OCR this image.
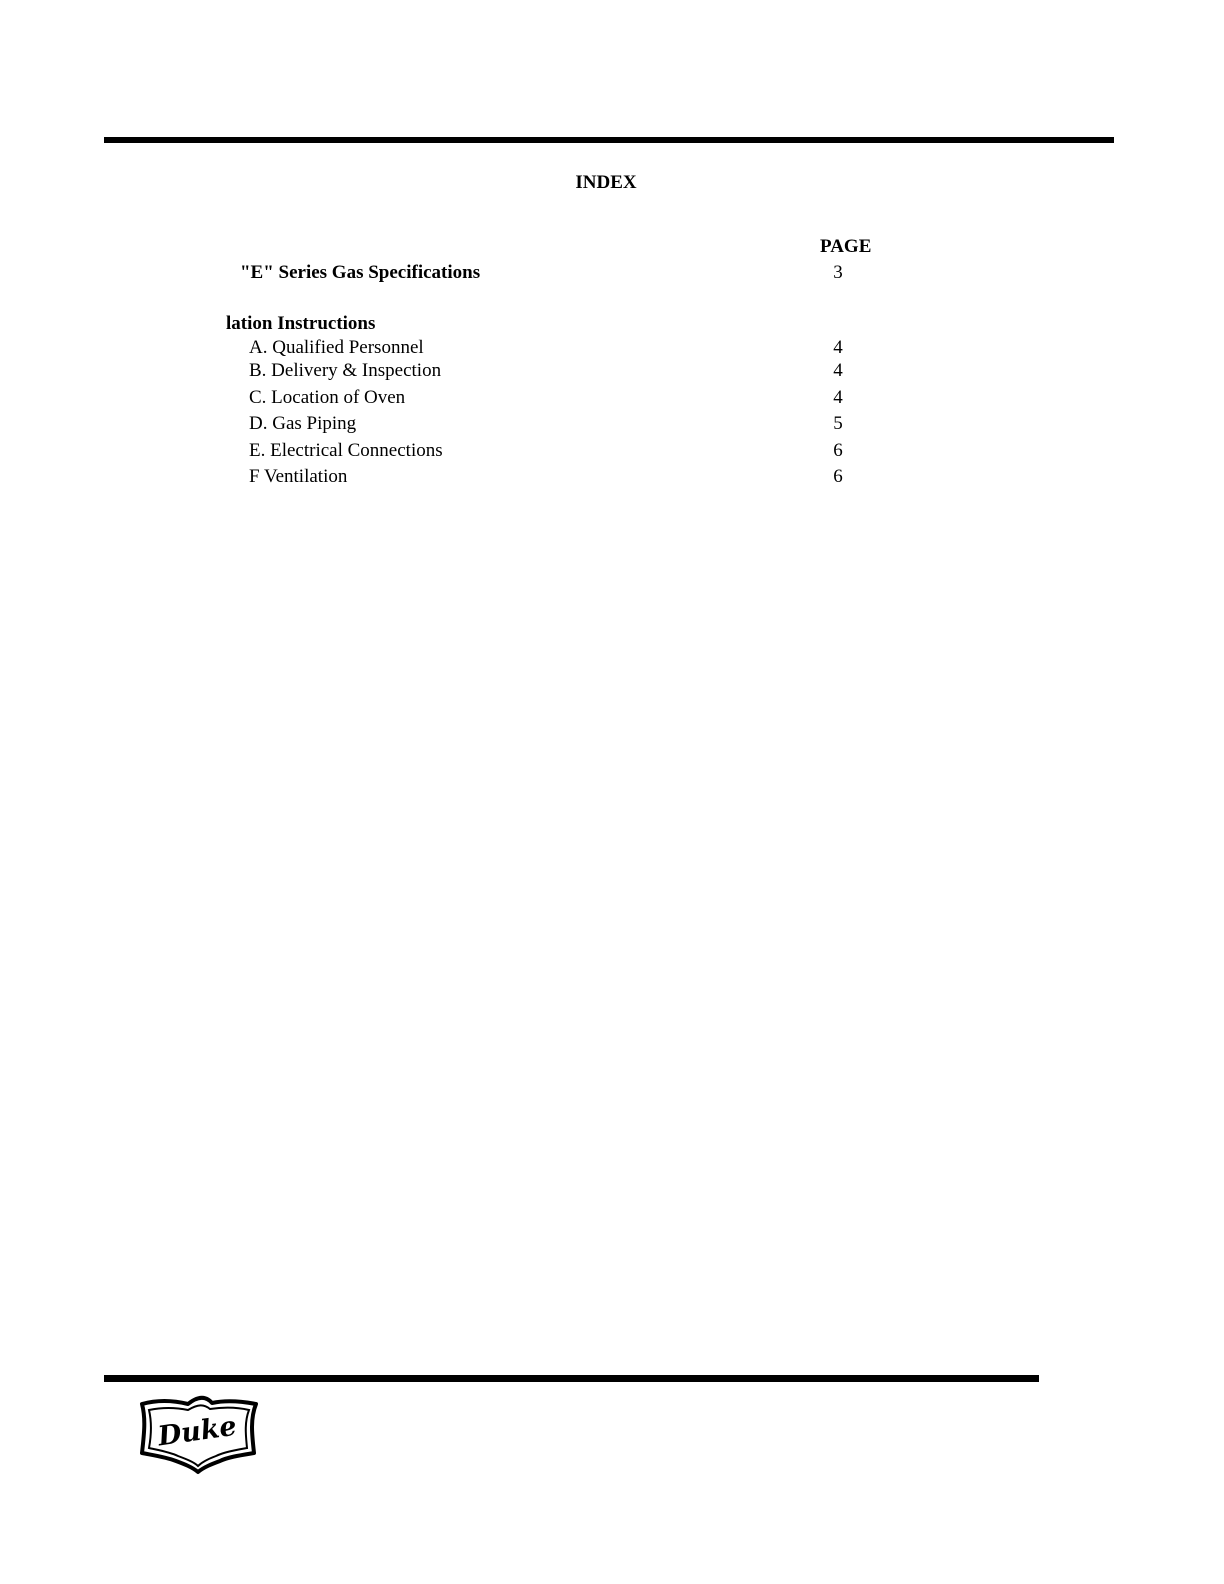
INDEX
PAGE
"E" Series Gas Specifications	3
lation Instructions
A. Qualified Personnel	4
B. Delivery & Inspection	4
C. Location of Oven	4
D. Gas Piping	5
E. Electrical Connections	6
F Ventilation	6
Duke
